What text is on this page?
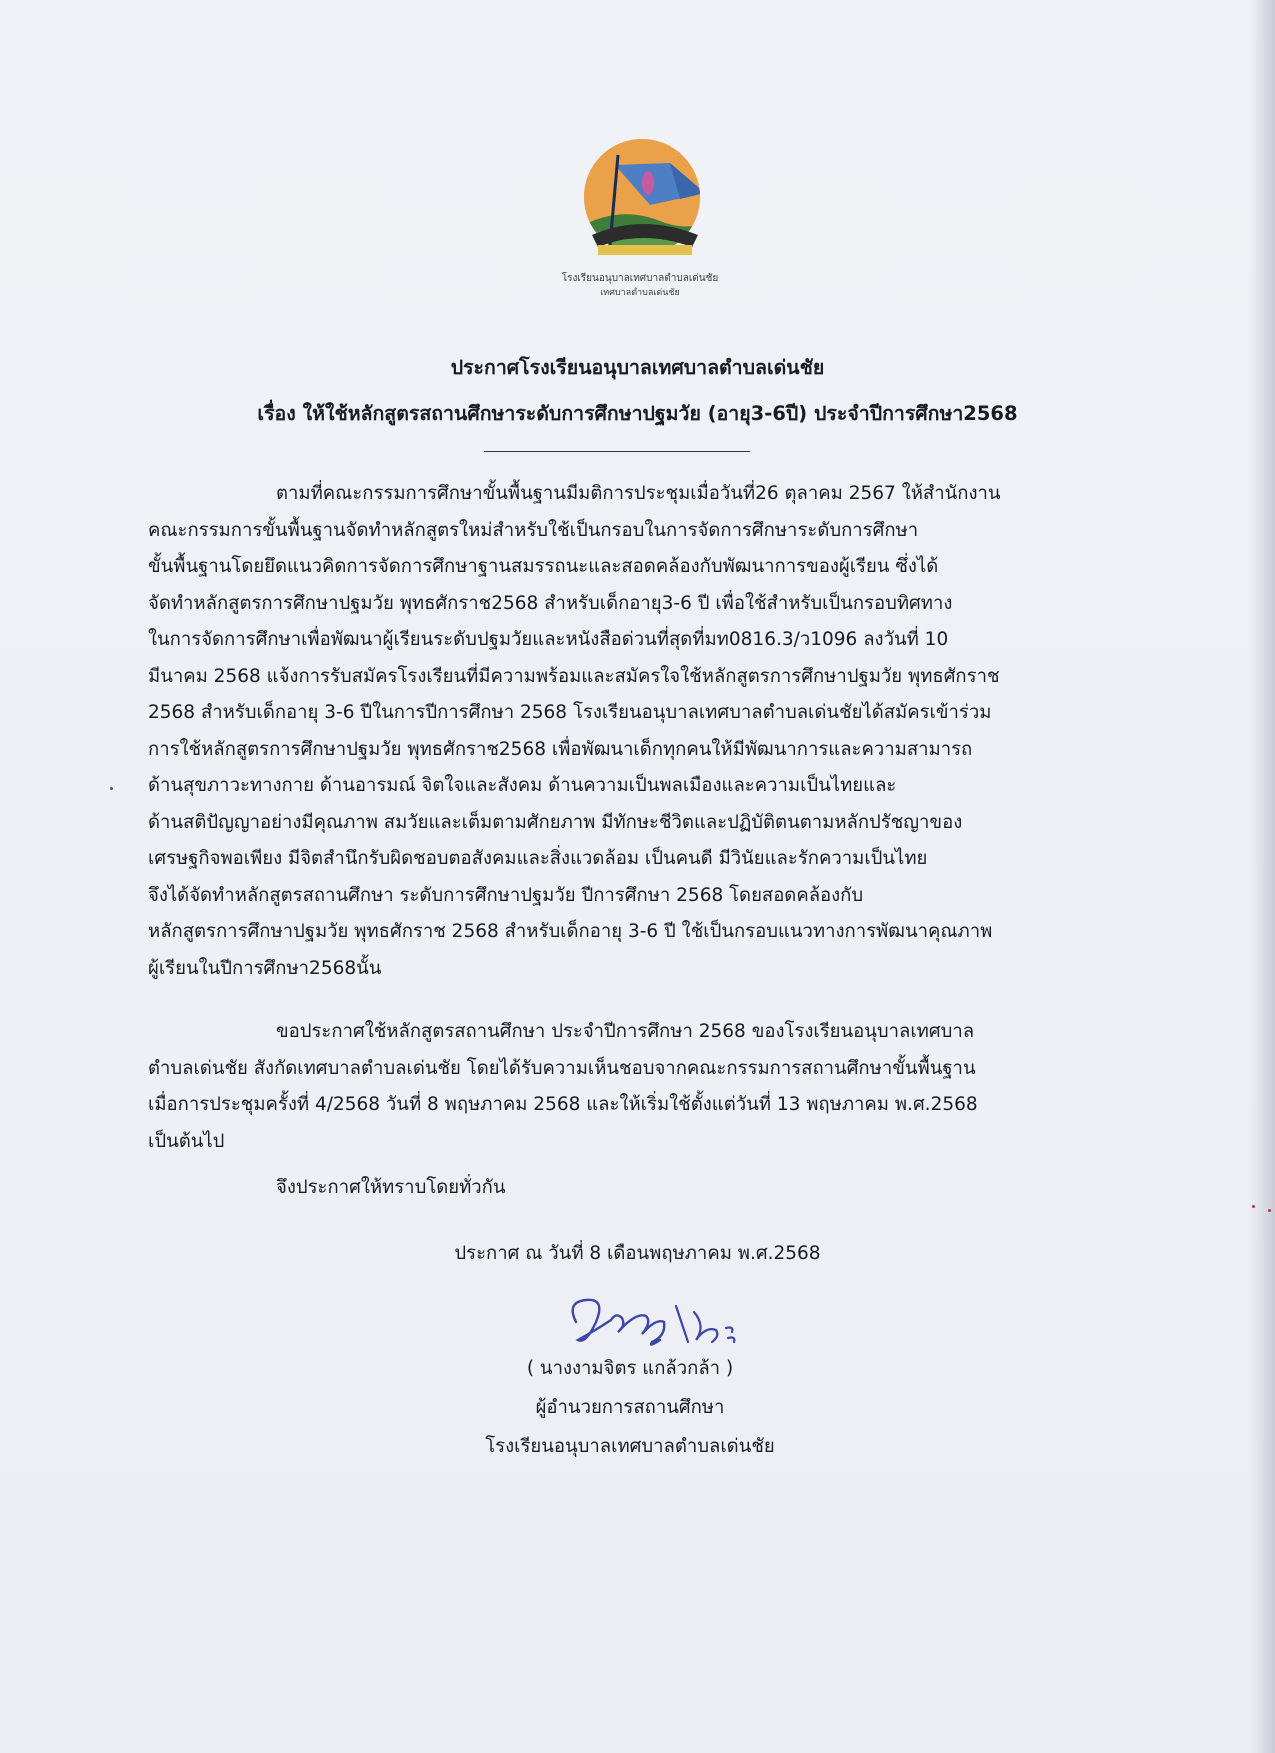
โรงเรียนอนุบาลเทศบาลตำบลเด่นชัย
เทศบาลตำบลเด่นชัย
ประกาศโรงเรียนอนุบาลเทศบาลตำบลเด่นชัย
เรื่อง ให้ใช้หลักสูตรสถานศึกษาระดับการศึกษาปฐมวัย (อายุ3-6ปี) ประจำปีการศึกษา2568

ตามที่คณะกรรมการศึกษาขั้นพื้นฐานมีมติการประชุมเมื่อวันที่26 ตุลาคม 2567 ให้สำนักงาน
คณะกรรมการขั้นพื้นฐานจัดทำหลักสูตรใหม่สำหรับใช้เป็นกรอบในการจัดการศึกษาระดับการศึกษา
ขั้นพื้นฐานโดยยึดแนวคิดการจัดการศึกษาฐานสมรรถนะและสอดคล้องกับพัฒนาการของผู้เรียน ซึ่งได้
จัดทำหลักสูตรการศึกษาปฐมวัย พุทธศักราช2568 สำหรับเด็กอายุ3-6 ปี เพื่อใช้สำหรับเป็นกรอบทิศทาง
ในการจัดการศึกษาเพื่อพัฒนาผู้เรียนระดับปฐมวัยและหนังสือด่วนที่สุดที่มท0816.3/ว1096 ลงวันที่ 10
มีนาคม 2568 แจ้งการรับสมัครโรงเรียนที่มีความพร้อมและสมัครใจใช้หลักสูตรการศึกษาปฐมวัย พุทธศักราช
2568 สำหรับเด็กอายุ 3-6 ปีในการปีการศึกษา 2568 โรงเรียนอนุบาลเทศบาลตำบลเด่นชัยได้สมัครเข้าร่วม
การใช้หลักสูตรการศึกษาปฐมวัย พุทธศักราช2568 เพื่อพัฒนาเด็กทุกคนให้มีพัฒนาการและความสามารถ
ด้านสุขภาวะทางกาย ด้านอารมณ์ จิตใจและสังคม ด้านความเป็นพลเมืองและความเป็นไทยและ
ด้านสติปัญญาอย่างมีคุณภาพ สมวัยและเต็มตามศักยภาพ มีทักษะชีวิตและปฏิบัติตนตามหลักปรัชญาของ
เศรษฐกิจพอเพียง มีจิตสำนึกรับผิดชอบตอสังคมและสิ่งแวดล้อม เป็นคนดี มีวินัยและรักความเป็นไทย
จึงได้จัดทำหลักสูตรสถานศึกษา ระดับการศึกษาปฐมวัย ปีการศึกษา 2568 โดยสอดคล้องกับ
หลักสูตรการศึกษาปฐมวัย พุทธศักราช 2568 สำหรับเด็กอายุ 3-6 ปี ใช้เป็นกรอบแนวทางการพัฒนาคุณภาพ
ผู้เรียนในปีการศึกษา2568นั้น

ขอประกาศใช้หลักสูตรสถานศึกษา ประจำปีการศึกษา 2568 ของโรงเรียนอนุบาลเทศบาล
ตำบลเด่นชัย สังกัดเทศบาลตำบลเด่นชัย โดยได้รับความเห็นชอบจากคณะกรรมการสถานศึกษาขั้นพื้นฐาน
เมื่อการประชุมครั้งที่ 4/2568 วันที่ 8 พฤษภาคม 2568 และให้เริ่มใช้ตั้งแต่วันที่ 13 พฤษภาคม พ.ศ.2568
เป็นต้นไป

จึงประกาศให้ทราบโดยทั่วกัน

ประกาศ ณ วันที่ 8 เดือนพฤษภาคม พ.ศ.2568

( นางงามจิตร แกล้วกล้า )

ผู้อำนวยการสถานศึกษา

โรงเรียนอนุบาลเทศบาลตำบลเด่นชัย
